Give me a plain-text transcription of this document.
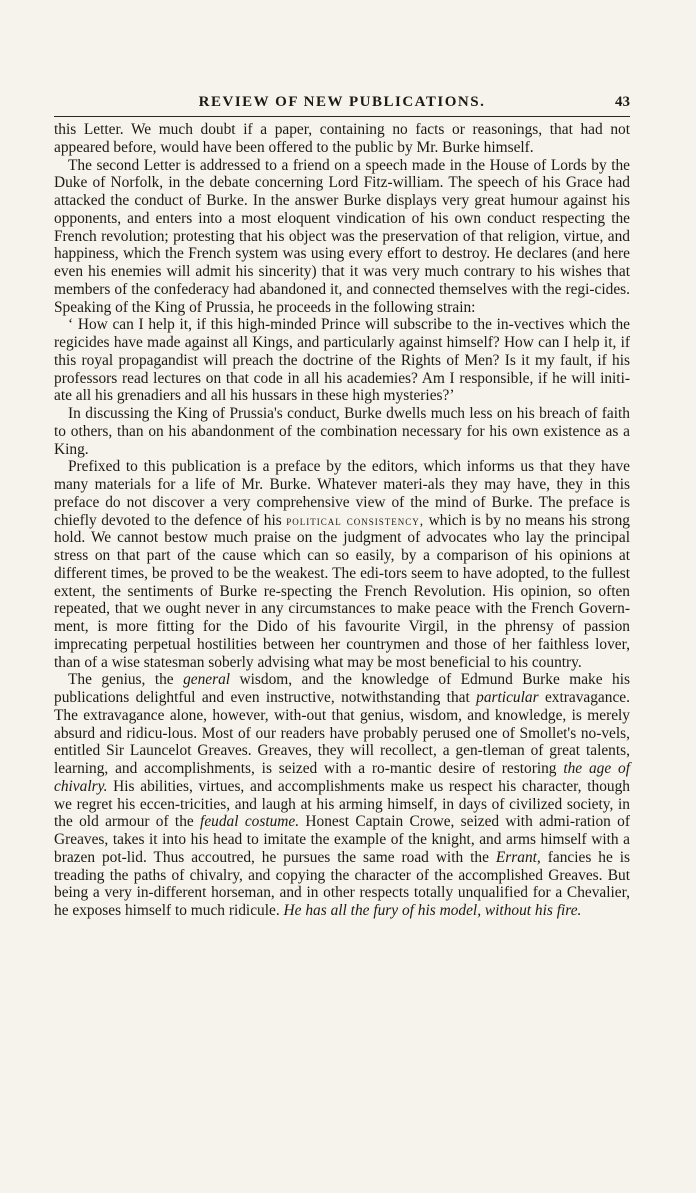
REVIEW OF NEW PUBLICATIONS.	43

this Letter. We much doubt if a paper, containing no facts or reasonings, that had not appeared before, would have been offered to the public by Mr. Burke himself.

The second Letter is addressed to a friend on a speech made in the House of Lords by the Duke of Norfolk, in the debate concerning Lord Fitz-william. The speech of his Grace had attacked the conduct of Burke. In the answer Burke displays very great humour against his opponents, and enters into a most eloquent vindication of his own conduct respecting the French revolution; protesting that his object was the preservation of that religion, virtue, and happiness, which the French system was using every effort to destroy. He declares (and here even his enemies will admit his sincerity) that it was very much contrary to his wishes that members of the confederacy had abandoned it, and connected themselves with the regi-cides. Speaking of the King of Prussia, he proceeds in the following strain:

‘ How can I help it, if this high-minded Prince will subscribe to the in-vectives which the regicides have made against all Kings, and particularly against himself? How can I help it, if this royal propagandist will preach the doctrine of the Rights of Men? Is it my fault, if his professors read lectures on that code in all his academies? Am I responsible, if he will initi-ate all his grenadiers and all his hussars in these high mysteries?’

In discussing the King of Prussia's conduct, Burke dwells much less on his breach of faith to others, than on his abandonment of the combination necessary for his own existence as a King.

Prefixed to this publication is a preface by the editors, which informs us that they have many materials for a life of Mr. Burke. Whatever materi-als they may have, they in this preface do not discover a very comprehensive view of the mind of Burke. The preface is chiefly devoted to the defence of his political consistency, which is by no means his strong hold. We cannot bestow much praise on the judgment of advocates who lay the principal stress on that part of the cause which can so easily, by a comparison of his opinions at different times, be proved to be the weakest. The edi-tors seem to have adopted, to the fullest extent, the sentiments of Burke re-specting the French Revolution. His opinion, so often repeated, that we ought never in any circumstances to make peace with the French Govern-ment, is more fitting for the Dido of his favourite Virgil, in the phrensy of passion imprecating perpetual hostilities between her countrymen and those of her faithless lover, than of a wise statesman soberly advising what may be most beneficial to his country.

The genius, the general wisdom, and the knowledge of Edmund Burke make his publications delightful and even instructive, notwithstanding that particular extravagance. The extravagance alone, however, with-out that genius, wisdom, and knowledge, is merely absurd and ridicu-lous. Most of our readers have probably perused one of Smollet's no-vels, entitled Sir Launcelot Greaves. Greaves, they will recollect, a gen-tleman of great talents, learning, and accomplishments, is seized with a ro-mantic desire of restoring the age of chivalry. His abilities, virtues, and accomplishments make us respect his character, though we regret his eccen-tricities, and laugh at his arming himself, in days of civilized society, in the old armour of the feudal costume. Honest Captain Crowe, seized with admi-ration of Greaves, takes it into his head to imitate the example of the knight, and arms himself with a brazen pot-lid. Thus accoutred, he pursues the same road with the Errant, fancies he is treading the paths of chivalry, and copying the character of the accomplished Greaves. But being a very in-different horseman, and in other respects totally unqualified for a Chevalier, he exposes himself to much ridicule. He has all the fury of his model, without his fire.
